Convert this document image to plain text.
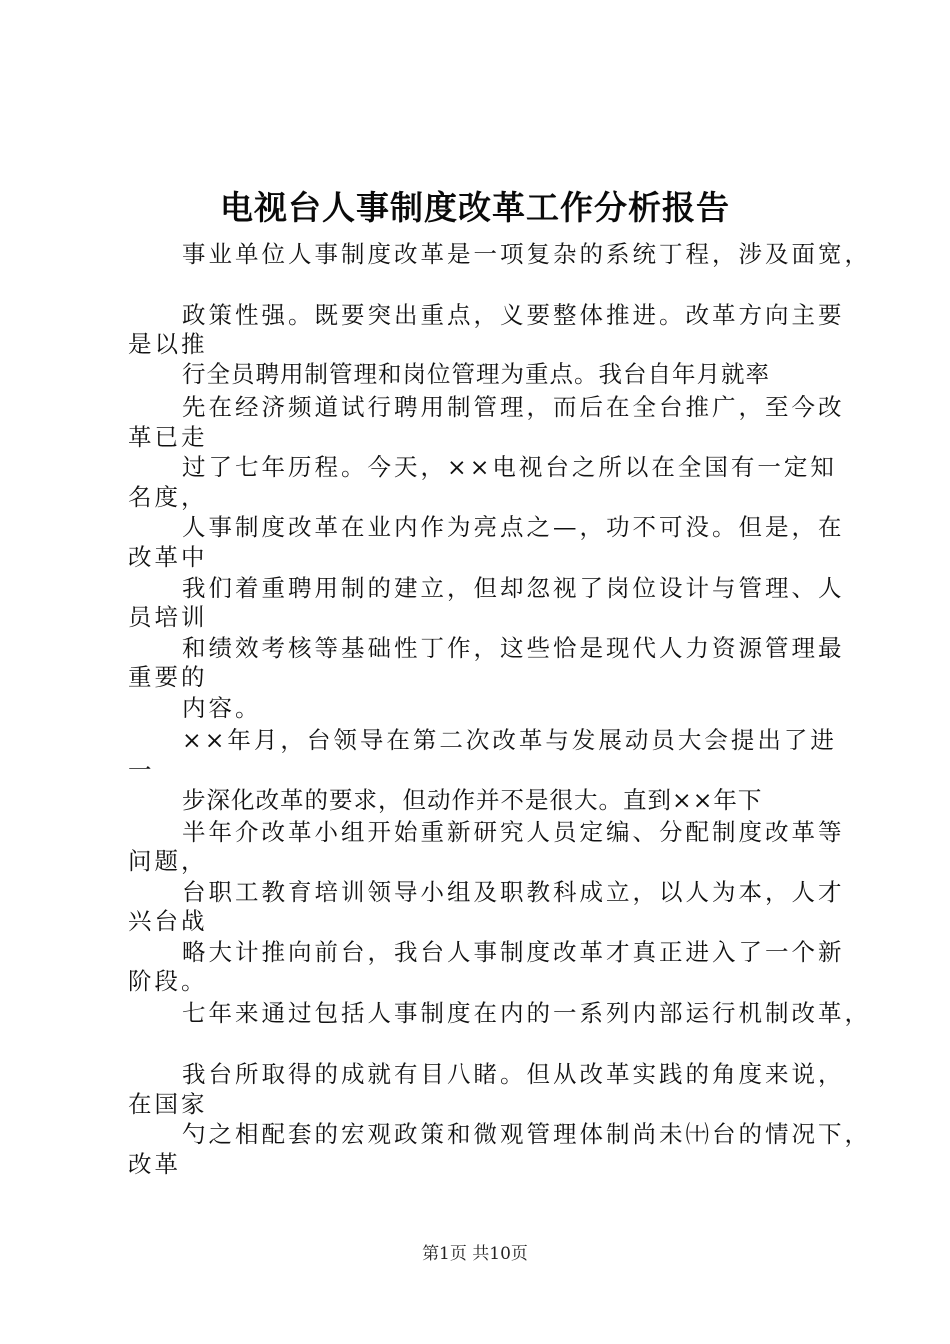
电视台人事制度改革工作分析报告
事业单位人事制度改革是一项复杂的系统丁程，涉及面宽，
政策性强。既要突出重点，义要整体推进。改革方向主要
是以推
行全员聘用制管理和岗位管理为重点。我台自年月就率
先在经济频道试行聘用制管理，而后在全台推广，至今改
革已走
过了七年历程。今天，××电视台之所以在全国有一定知
名度，
人事制度改革在业内作为亮点之—，功不可没。但是，在
改革中
我们着重聘用制的建立，但却忽视了岗位设计与管理、人
员培训
和绩效考核等基础性丁作，这些恰是现代人力资源管理最
重要的
内容。
××年月，台领导在第二次改革与发展动员大会提出了进
一
步深化改革的要求，但动作并不是很大。直到××年下
半年介改革小组开始重新研究人员定编、分配制度改革等
问题，
台职工教育培训领导小组及职教科成立，以人为本，人才
兴台战
略大计推向前台，我台人事制度改革才真正进入了一个新
阶段。
七年来通过包括人事制度在内的一系列内部运行机制改革，
我台所取得的成就有目八睹。但从改革实践的角度来说，
在国家
勺之相配套的宏观政策和微观管理体制尚未㈩台的情况下，
改革
第1页 共10页
